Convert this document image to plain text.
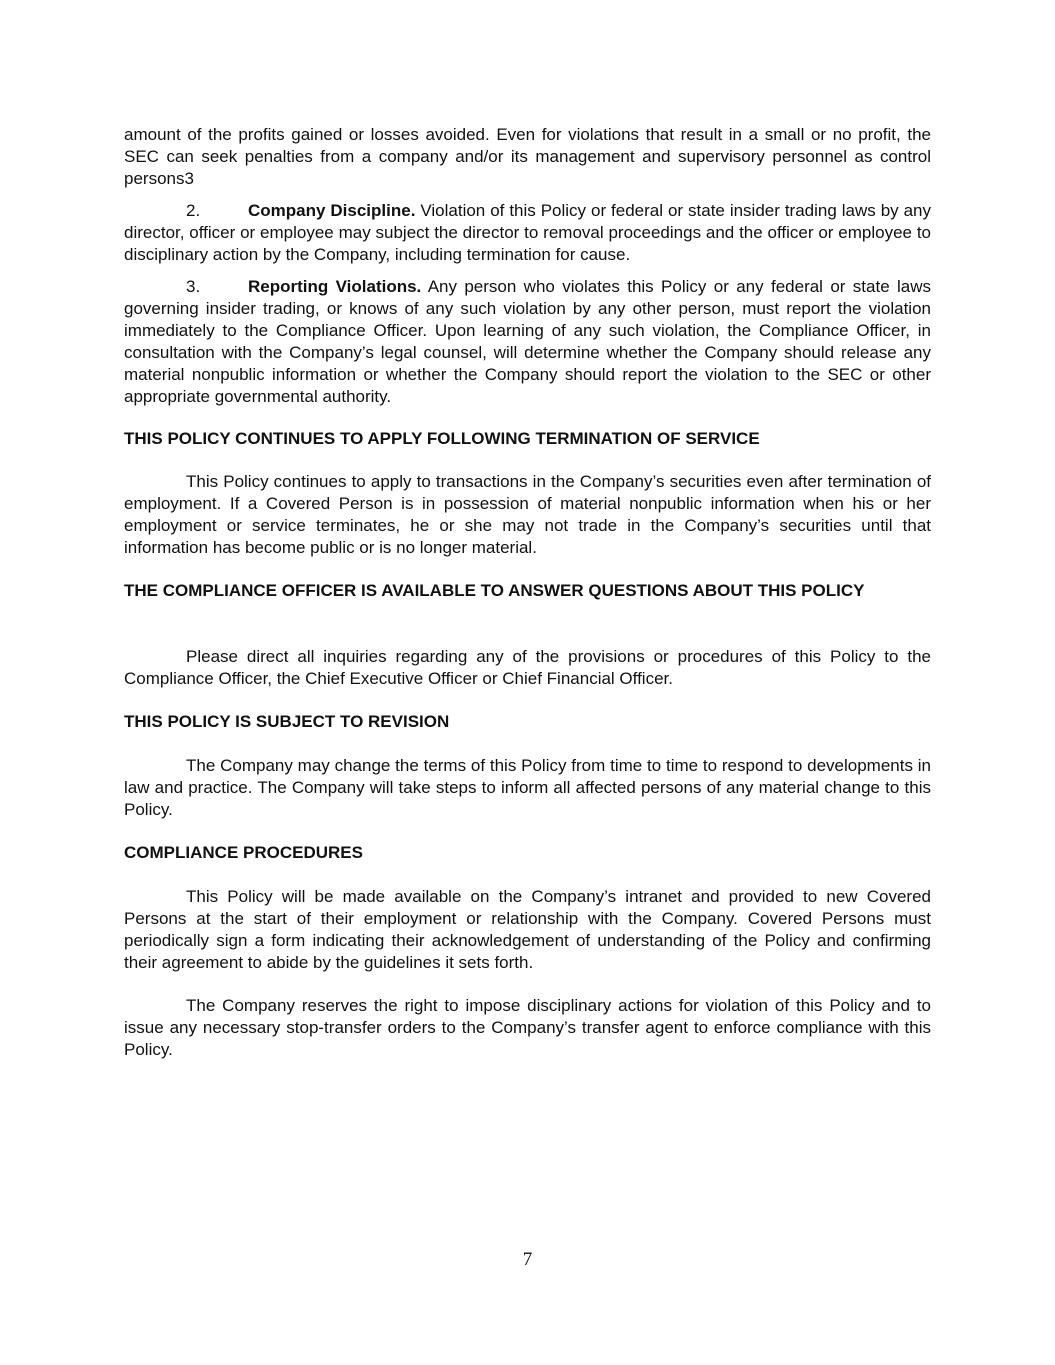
amount of the profits gained or losses avoided. Even for violations that result in a small or no profit, the SEC can seek penalties from a company and/or its management and supervisory personnel as control persons3
2.	Company Discipline. Violation of this Policy or federal or state insider trading laws by any director, officer or employee may subject the director to removal proceedings and the officer or employee to disciplinary action by the Company, including termination for cause.
3.	Reporting Violations. Any person who violates this Policy or any federal or state laws governing insider trading, or knows of any such violation by any other person, must report the violation immediately to the Compliance Officer. Upon learning of any such violation, the Compliance Officer, in consultation with the Company’s legal counsel, will determine whether the Company should release any material nonpublic information or whether the Company should report the violation to the SEC or other appropriate governmental authority.
THIS POLICY CONTINUES TO APPLY FOLLOWING TERMINATION OF SERVICE
This Policy continues to apply to transactions in the Company’s securities even after termination of employment. If a Covered Person is in possession of material nonpublic information when his or her employment or service terminates, he or she may not trade in the Company’s securities until that information has become public or is no longer material.
THE COMPLIANCE OFFICER IS AVAILABLE TO ANSWER QUESTIONS ABOUT THIS POLICY
Please direct all inquiries regarding any of the provisions or procedures of this Policy to the Compliance Officer, the Chief Executive Officer or Chief Financial Officer.
THIS POLICY IS SUBJECT TO REVISION
The Company may change the terms of this Policy from time to time to respond to developments in law and practice. The Company will take steps to inform all affected persons of any material change to this Policy.
COMPLIANCE PROCEDURES
This Policy will be made available on the Company’s intranet and provided to new Covered Persons at the start of their employment or relationship with the Company. Covered Persons must periodically sign a form indicating their acknowledgement of understanding of the Policy and confirming their agreement to abide by the guidelines it sets forth.
The Company reserves the right to impose disciplinary actions for violation of this Policy and to issue any necessary stop-transfer orders to the Company’s transfer agent to enforce compliance with this Policy.
7
